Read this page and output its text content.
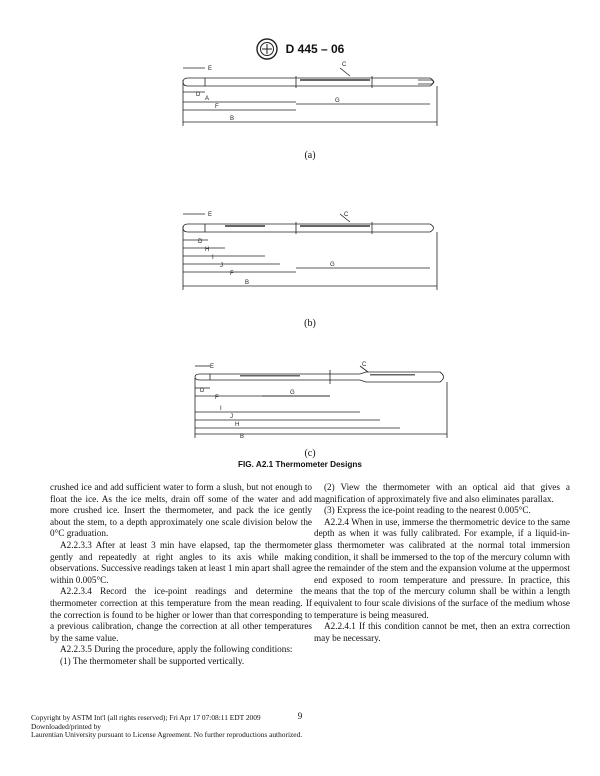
D 445 – 06
E
C
D
A	G
F
B
E	C
D
H
I
J	G
F
B
E	C
D
F
G
I
J
H
B
(a)
(b)
(c)
FIG. A2.1 Thermometer Designs

crushed ice and add sufficient water to form a slush, but not enough to float the ice. As the ice melts, drain off some of the water and add more crushed ice. Insert the thermometer, and pack the ice gently about the stem, to a depth approximately one scale division below the 0°C graduation.

A2.2.3.3 After at least 3 min have elapsed, tap the thermometer gently and repeatedly at right angles to its axis while making observations. Successive readings taken at least 1 min apart shall agree within 0.005°C.

A2.2.3.4 Record the ice-point readings and determine the thermometer correction at this temperature from the mean reading. If the correction is found to be higher or lower than that corresponding to a previous calibration, change the correction at all other temperatures by the same value.

A2.2.3.5 During the procedure, apply the following conditions:

(1) The thermometer shall be supported vertically.

(2) View the thermometer with an optical aid that gives a magnification of approximately five and also eliminates parallax.

(3) Express the ice-point reading to the nearest 0.005°C.

A2.2.4 When in use, immerse the thermometric device to the same depth as when it was fully calibrated. For example, if a liquid-in-glass thermometer was calibrated at the normal total immersion condition, it shall be immersed to the top of the mercury column with the remainder of the stem and the expansion volume at the uppermost end exposed to room temperature and pressure. In practice, this means that the top of the mercury column shall be within a length equivalent to four scale divisions of the surface of the medium whose temperature is being measured.

A2.2.4.1 If this condition cannot be met, then an extra correction may be necessary.

9
Copyright by ASTM Int'l (all rights reserved); Fri Apr 17 07:08:11 EDT 2009
Downloaded/printed by
Laurentian University pursuant to License Agreement. No further reproductions authorized.
